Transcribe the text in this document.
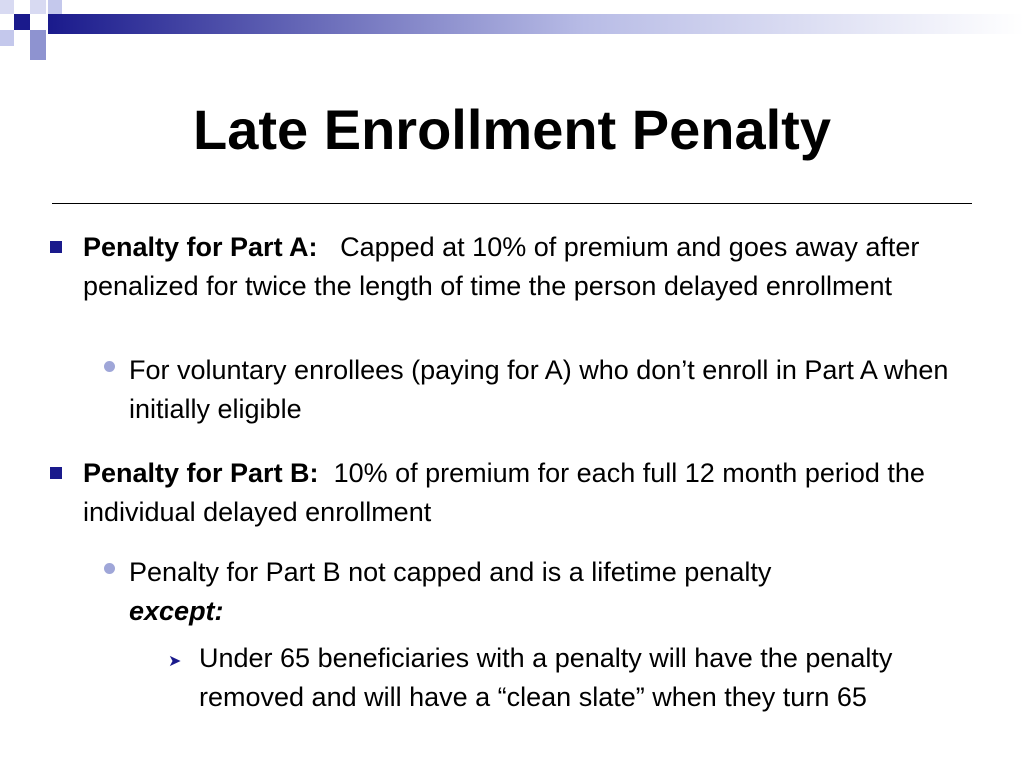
Late Enrollment Penalty
Penalty for Part A: Capped at 10% of premium and goes away after penalized for twice the length of time the person delayed enrollment
For voluntary enrollees (paying for A) who don’t enroll in Part A when initially eligible
Penalty for Part B: 10% of premium for each full 12 month period the individual delayed enrollment
Penalty for Part B not capped and is a lifetime penalty
except:
➤ Under 65 beneficiaries with a penalty will have the penalty removed and will have a “clean slate” when they turn 65
